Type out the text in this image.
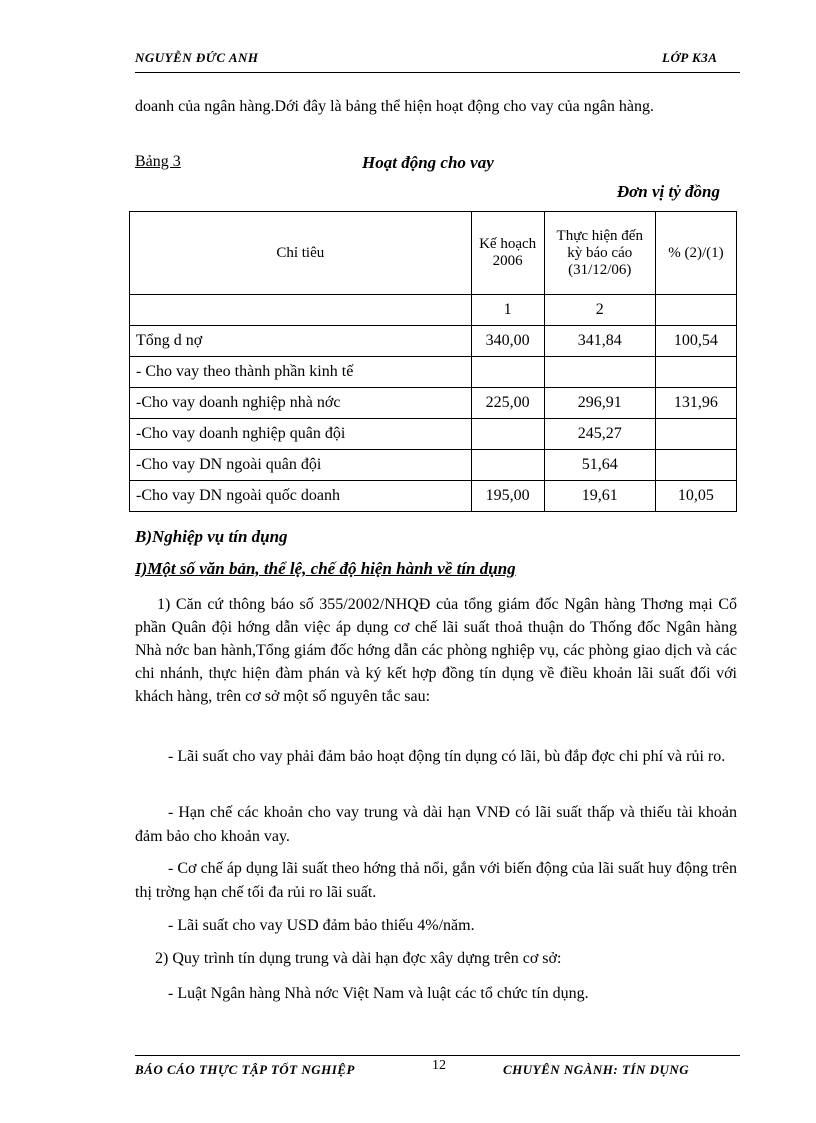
NGUYỄN ĐỨC ANH	LỚP K3A
doanh của ngân hàng.Dới đây là bảng thể hiện hoạt động cho vay của ngân hàng.
Bảng 3	Hoạt động cho vay
Đơn vị tỷ đồng
Chỉ tiêu	Kế hoạch 2006	Thực hiện đến kỳ báo cáo (31/12/06)	% (2)/(1)
	1	2	
Tổng d nợ	340,00	341,84	100,54
- Cho vay theo thành phần kinh tế			
-Cho vay doanh nghiệp nhà nớc	225,00	296,91	131,96
-Cho vay doanh nghiệp quân đội		245,27	
-Cho vay DN ngoài quân đội		51,64	
-Cho vay DN ngoài quốc doanh	195,00	19,61	10,05
B)Nghiệp vụ tín dụng
I)Một số văn bản, thể lệ, chế độ hiện hành về tín dụng
1) Căn cứ thông báo số 355/2002/NHQĐ của tổng giám đốc Ngân hàng Thơng mại Cổ phần Quân đội hớng dẫn việc áp dụng cơ chế lãi suất thoả thuận do Thống đốc Ngân hàng Nhà nớc ban hành,Tổng giám đốc hớng dẫn các phòng nghiệp vụ, các phòng giao dịch và các chi nhánh, thực hiện đàm phán và ký kết hợp đồng tín dụng về điều khoản lãi suất đối với khách hàng, trên cơ sở một số nguyên tắc sau:
- Lãi suất cho vay phải đảm bảo hoạt động tín dụng có lãi, bù đắp đợc chi phí và rủi ro.
- Hạn chế các khoản cho vay trung và dài hạn VNĐ có lãi suất thấp và thiếu tài khoản đảm bảo cho khoản vay.
- Cơ chế áp dụng lãi suất theo hớng thả nổi, gắn với biến động của lãi suất huy động trên thị trờng hạn chế tối đa rủi ro lãi suất.
- Lãi suất cho vay USD đảm bảo thiếu 4%/năm.
2) Quy trình tín dụng trung và dài hạn đợc xây dựng trên cơ sở:
- Luật Ngân hàng Nhà nớc Việt Nam và luật các tổ chức tín dụng.
BÁO CÁO THỰC TẬP TỐT NGHIỆP	12	CHUYÊN NGÀNH: TÍN DỤNG
